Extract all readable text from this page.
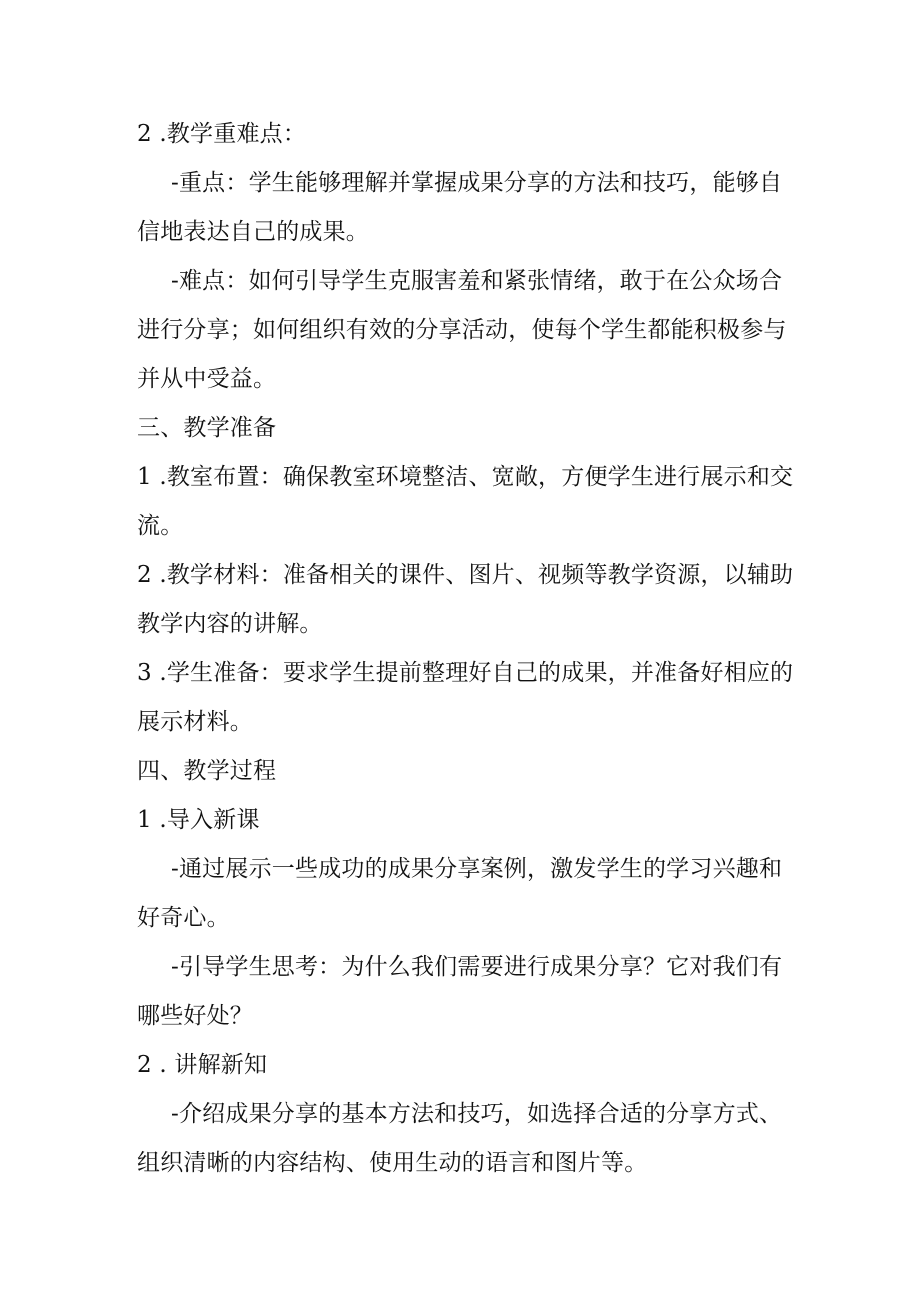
2 .教学重难点：

-重点：学生能够理解并掌握成果分享的方法和技巧，能够自
信地表达自己的成果。

-难点：如何引导学生克服害羞和紧张情绪，敢于在公众场合
进行分享；如何组织有效的分享活动，使每个学生都能积极参与
并从中受益。

三、教学准备

1 .教室布置：确保教室环境整洁、宽敞，方便学生进行展示和交
流。

2 .教学材料：准备相关的课件、图片、视频等教学资源，以辅助
教学内容的讲解。

3 .学生准备：要求学生提前整理好自己的成果，并准备好相应的
展示材料。

四、教学过程

1 .导入新课

-通过展示一些成功的成果分享案例，激发学生的学习兴趣和
好奇心。

-引导学生思考：为什么我们需要进行成果分享？它对我们有
哪些好处？

2 . 讲解新知

-介绍成果分享的基本方法和技巧，如选择合适的分享方式、
组织清晰的内容结构、使用生动的语言和图片等。
